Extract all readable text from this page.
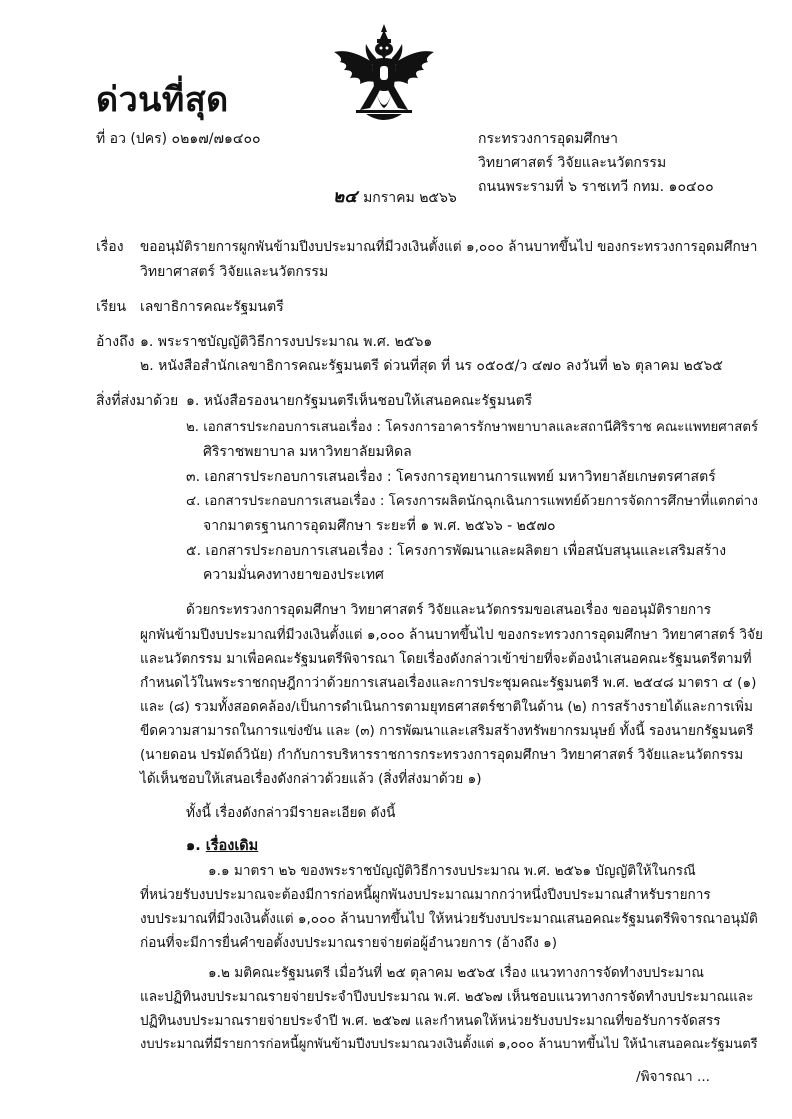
ด่วนที่สุด
ที่ อว (ปคร) ๐๒๑๗/๗๑๔๐๐	กระทรวงการอุดมศึกษา
วิทยาศาสตร์ วิจัยและนวัตกรรม
ถนนพระรามที่ ๖ ราชเทวี กทม. ๑๐๔๐๐
๒๔ มกราคม ๒๕๖๖
เรื่อง ขออนุมัติรายการผูกพันข้ามปีงบประมาณที่มีวงเงินตั้งแต่ ๑,๐๐๐ ล้านบาทขึ้นไป ของกระทรวงการอุดมศึกษา
วิทยาศาสตร์ วิจัยและนวัตกรรม
เรียน เลขาธิการคณะรัฐมนตรี
อ้างถึง ๑. พระราชบัญญัติวิธีการงบประมาณ พ.ศ. ๒๕๖๑
๒. หนังสือสำนักเลขาธิการคณะรัฐมนตรี ด่วนที่สุด ที่ นร ๐๕๐๕/ว ๔๗๐ ลงวันที่ ๒๖ ตุลาคม ๒๕๖๕
สิ่งที่ส่งมาด้วย ๑. หนังสือรองนายกรัฐมนตรีเห็นชอบให้เสนอคณะรัฐมนตรี
๒. เอกสารประกอบการเสนอเรื่อง : โครงการอาคารรักษาพยาบาลและสถานีศิริราช คณะแพทยศาสตร์
ศิริราชพยาบาล มหาวิทยาลัยมหิดล
๓. เอกสารประกอบการเสนอเรื่อง : โครงการอุทยานการแพทย์ มหาวิทยาลัยเกษตรศาสตร์
๔. เอกสารประกอบการเสนอเรื่อง : โครงการผลิตนักฉุกเฉินการแพทย์ด้วยการจัดการศึกษาที่แตกต่าง
จากมาตรฐานการอุดมศึกษา ระยะที่ ๑ พ.ศ. ๒๕๖๖ - ๒๕๗๐
๕. เอกสารประกอบการเสนอเรื่อง : โครงการพัฒนาและผลิตยา เพื่อสนับสนุนและเสริมสร้าง
ความมั่นคงทางยาของประเทศ
ด้วยกระทรวงการอุดมศึกษา วิทยาศาสตร์ วิจัยและนวัตกรรมขอเสนอเรื่อง ขออนุมัติรายการ
ผูกพันข้ามปีงบประมาณที่มีวงเงินตั้งแต่ ๑,๐๐๐ ล้านบาทขึ้นไป ของกระทรวงการอุดมศึกษา วิทยาศาสตร์ วิจัย
และนวัตกรรม มาเพื่อคณะรัฐมนตรีพิจารณา โดยเรื่องดังกล่าวเข้าข่ายที่จะต้องนำเสนอคณะรัฐมนตรีตามที่
กำหนดไว้ในพระราชกฤษฎีกาว่าด้วยการเสนอเรื่องและการประชุมคณะรัฐมนตรี พ.ศ. ๒๕๔๘ มาตรา ๔ (๑)
และ (๘) รวมทั้งสอดคล้อง/เป็นการดำเนินการตามยุทธศาสตร์ชาติในด้าน (๒) การสร้างรายได้และการเพิ่ม
ขีดความสามารถในการแข่งขัน และ (๓) การพัฒนาและเสริมสร้างทรัพยากรมนุษย์ ทั้งนี้ รองนายกรัฐมนตรี
(นายดอน ปรมัตถ์วินัย) กำกับการบริหารราชการกระทรวงการอุดมศึกษา วิทยาศาสตร์ วิจัยและนวัตกรรม
ได้เห็นชอบให้เสนอเรื่องดังกล่าวด้วยแล้ว (สิ่งที่ส่งมาด้วย ๑)
ทั้งนี้ เรื่องดังกล่าวมีรายละเอียด ดังนี้
๑. เรื่องเดิม
๑.๑ มาตรา ๒๖ ของพระราชบัญญัติวิธีการงบประมาณ พ.ศ. ๒๕๖๑ บัญญัติให้ในกรณี
ที่หน่วยรับงบประมาณจะต้องมีการก่อหนี้ผูกพันงบประมาณมากกว่าหนึ่งปีงบประมาณสำหรับรายการ
งบประมาณที่มีวงเงินตั้งแต่ ๑,๐๐๐ ล้านบาทขึ้นไป ให้หน่วยรับงบประมาณเสนอคณะรัฐมนตรีพิจารณาอนุมัติ
ก่อนที่จะมีการยื่นคำขอตั้งงบประมาณรายจ่ายต่อผู้อำนวยการ (อ้างถึง ๑)
๑.๒ มติคณะรัฐมนตรี เมื่อวันที่ ๒๕ ตุลาคม ๒๕๖๕ เรื่อง แนวทางการจัดทำงบประมาณ
และปฏิทินงบประมาณรายจ่ายประจำปีงบประมาณ พ.ศ. ๒๕๖๗ เห็นชอบแนวทางการจัดทำงบประมาณและ
ปฏิทินงบประมาณรายจ่ายประจำปี พ.ศ. ๒๕๖๗ และกำหนดให้หน่วยรับงบประมาณที่ขอรับการจัดสรร
งบประมาณที่มีรายการก่อหนี้ผูกพันข้ามปีงบประมาณวงเงินตั้งแต่ ๑,๐๐๐ ล้านบาทขึ้นไป ให้นำเสนอคณะรัฐมนตรี
/พิจารณา ...
